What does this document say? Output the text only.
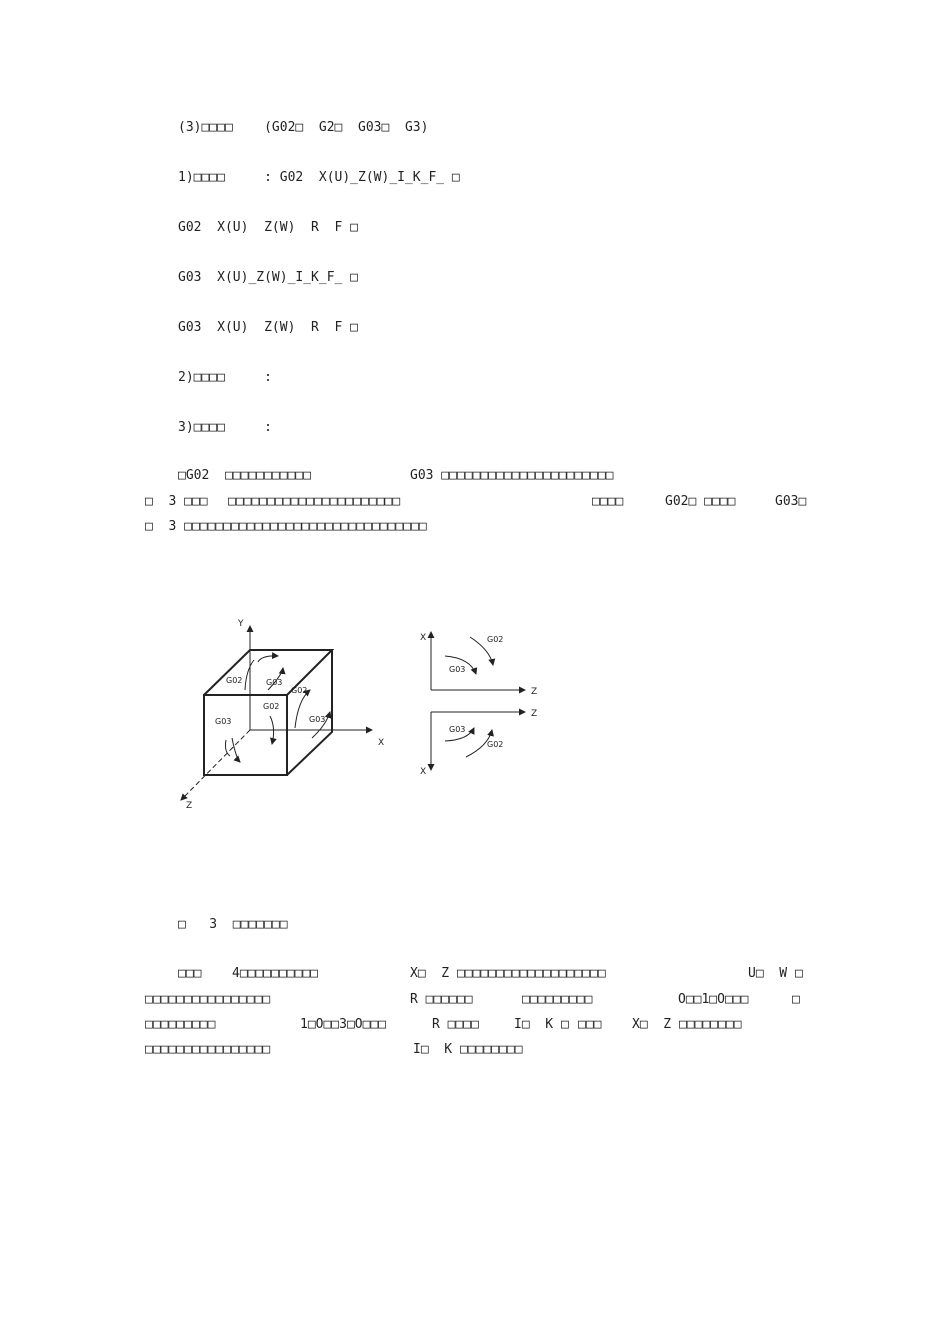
(3)□□□□    (G02□  G2□  G03□  G3)
1)□□□□     : G02  X(U)_Z(W)_I_K_F_ □
G02  X(U)  Z(W)  R  F □
G03  X(U)_Z(W)_I_K_F_ □
G03  X(U)  Z(W)  R  F □
2)□□□□     :
3)□□□□     :
□G02  □□□□□□□□□□□	G03 □□□□□□□□□□□□□□□□□□□□□□
□  3 □□□ □□□□□□□□□□□□□□□□□□□□□□	□□□□	G02□ □□□□	G03□
□  3 □□□□□□□□□□□□□□□□□□□□□□□□□□□□□□□
Y
X
Z
G02	G03
G02
G03
G02
G03
X
Z
G02
G03
X
Z
G03
G02
□   3  □□□□□□□
□□□ 4□□□□□□□□□□	X□  Z □□□□□□□□□□□□□□□□□□□	U□  W □
□□□□□□□□□□□□□□□□	R □□□□□□	□□□□□□□□□	O□□1□O□□□	□
□□□□□□□□□	1□O□□3□O□□□	R □□□□	I□  K □ □□□ X□  Z □□□□□□□□
□□□□□□□□□□□□□□□□	I□  K □□□□□□□□
